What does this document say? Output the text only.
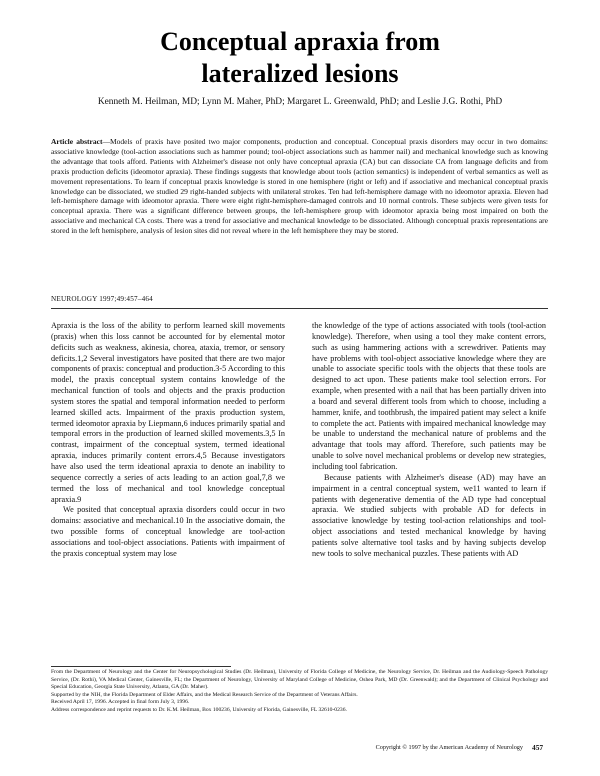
Conceptual apraxia from
lateralized lesions
Kenneth M. Heilman, MD; Lynn M. Maher, PhD; Margaret L. Greenwald, PhD; and Leslie J.G. Rothi, PhD
Article abstract—Models of praxis have posited two major components, production and conceptual. Conceptual praxis disorders may occur in two domains: associative knowledge (tool-action associations such as hammer pound; tool-object associations such as hammer nail) and mechanical knowledge such as knowing the advantage that tools afford. Patients with Alzheimer's disease not only have conceptual apraxia (CA) but can dissociate CA from language deficits and from praxis production deficits (ideomotor apraxia). These findings suggests that knowledge about tools (action semantics) is independent of verbal semantics as well as movement representations. To learn if conceptual praxis knowledge is stored in one hemisphere (right or left) and if associative and mechanical conceptual praxis knowledge can be dissociated, we studied 29 right-handed subjects with unilateral strokes. Ten had left-hemisphere damage with no ideomotor apraxia. Eleven had left-hemisphere damage with ideomotor apraxia. There were eight right-hemisphere-damaged controls and 10 normal controls. These subjects were given tests for conceptual apraxia. There was a significant difference between groups, the left-hemisphere group with ideomotor apraxia being most impaired on both the associative and mechanical CA costs. There was a trend for associative and mechanical knowledge to be dissociated. Although conceptual praxis representations are stored in the left hemisphere, analysis of lesion sites did not reveal where in the left hemisphere they may be stored.
NEUROLOGY 1997;49:457–464

Apraxia is the loss of the ability to perform learned skill movements (praxis) when this loss cannot be accounted for by elemental motor deficits such as weakness, akinesia, chorea, ataxia, tremor, or sensory deficits.1,2 Several investigators have posited that there are two major components of praxis: conceptual and production.3-5 According to this model, the praxis conceptual system contains knowledge of the mechanical function of tools and objects and the praxis production system stores the spatial and temporal information needed to perform learned skilled acts. Impairment of the praxis production system, termed ideomotor apraxia by Liepmann,6 induces primarily spatial and temporal errors in the production of learned skilled movements.3,5 In contrast, impairment of the conceptual system, termed ideational apraxia, induces primarily content errors.4,5 Because investigators have also used the term ideational apraxia to denote an inability to sequence correctly a series of acts leading to an action goal,7,8 we termed the loss of mechanical and tool knowledge conceptual apraxia.9

We posited that conceptual apraxia disorders could occur in two domains: associative and mechanical.10 In the associative domain, the two possible forms of conceptual knowledge are tool-action associations and tool-object associations. Patients with impairment of the praxis conceptual system may lose

the knowledge of the type of actions associated with tools (tool-action knowledge). Therefore, when using a tool they make content errors, such as using hammering actions with a screwdriver. Patients may have problems with tool-object associative knowledge where they are unable to associate specific tools with the objects that these tools are designed to act upon. These patients make tool selection errors. For example, when presented with a nail that has been partially driven into a board and several different tools from which to choose, including a hammer, knife, and toothbrush, the impaired patient may select a knife to complete the act. Patients with impaired mechanical knowledge may be unable to understand the mechanical nature of problems and the advantage that tools may afford. Therefore, such patients may be unable to solve novel mechanical problems or develop new strategies, including tool fabrication.

Because patients with Alzheimer's disease (AD) may have an impairment in a central conceptual system, we11 wanted to learn if patients with degenerative dementia of the AD type had conceptual apraxia. We studied subjects with probable AD for defects in associative knowledge by testing tool-action relationships and tool-object associations and tested mechanical knowledge by having patients solve alternative tool tasks and by having subjects develop new tools to solve mechanical puzzles. These patients with AD

From the Department of Neurology and the Center for Neuropsychological Studies (Dr. Heilman), University of Florida College of Medicine, the Neurology Service, Dr. Heilman and the Audiology-Speech Pathology Service, (Dr. Rothi), VA Medical Center, Gainesville, FL; the Department of Neurology, University of Maryland College of Medicine, Oshea Park, MD (Dr. Greenwald); and the Department of Clinical Psychology and Special Education, Georgia State University, Atlanta, GA (Dr. Maher).

Supported by the NIH, the Florida Department of Elder Affairs, and the Medical Research Service of the Department of Veterans Affairs.

Received April 17, 1996. Accepted in final form July 3, 1996.

Address correspondence and reprint requests to Dr. K.M. Heilman, Box 100236, University of Florida, Gainesville, FL 32610-0236.

Copyright © 1997 by the American Academy of Neurology 457
